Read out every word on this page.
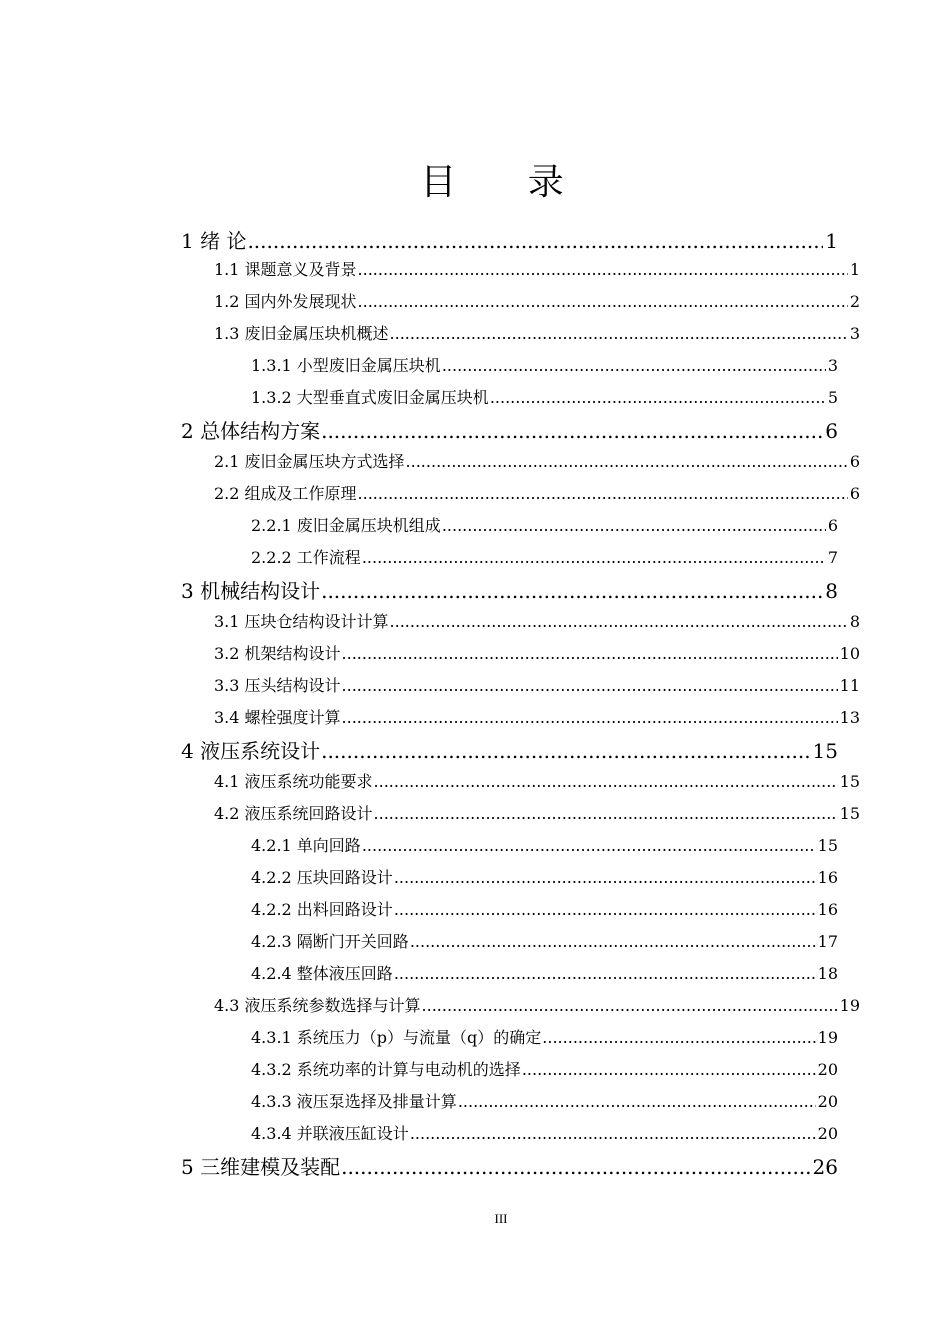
目 录
1 绪 论 .....	1
1.1 课题意义及背景 .....	1
1.2 国内外发展现状 .....	2
1.3 废旧金属压块机概述 .....	3
1.3.1 小型废旧金属压块机 .....	3
1.3.2 大型垂直式废旧金属压块机 .....	5
2 总体结构方案 .....	6
2.1 废旧金属压块方式选择 .....	6
2.2 组成及工作原理 .....	6
2.2.1 废旧金属压块机组成 .....	6
2.2.2 工作流程 .....	7
3 机械结构设计 .....	8
3.1 压块仓结构设计计算 .....	8
3.2 机架结构设计 .....	10
3.3 压头结构设计 .....	11
3.4 螺栓强度计算 .....	13
4 液压系统设计 .....	15
4.1 液压系统功能要求 .....	15
4.2 液压系统回路设计 .....	15
4.2.1 单向回路 .....	15
4.2.2 压块回路设计 .....	16
4.2.2 出料回路设计 .....	16
4.2.3 隔断门开关回路 .....	17
4.2.4 整体液压回路 .....	18
4.3 液压系统参数选择与计算 .....	19
4.3.1 系统压力（p）与流量（q）的确定 .....	19
4.3.2 系统功率的计算与电动机的选择 .....	20
4.3.3 液压泵选择及排量计算 .....	20
4.3.4 并联液压缸设计 .....	20
5 三维建模及装配 .....	26
III
